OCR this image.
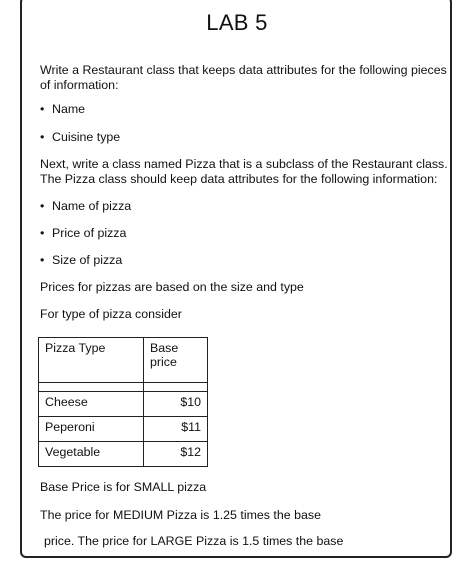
LAB 5
Write a Restaurant class that keeps data attributes for the following pieces
of information:
• Name
• Cuisine type
Next, write a class named Pizza that is a subclass of the Restaurant class.
The Pizza class should keep data attributes for the following information:
• Name of pizza
• Price of pizza
• Size of pizza
Prices for pizzas are based on the size and type
For type of pizza consider
Pizza Type	Base
price

Cheese	$10
Peperoni	$11
Vegetable	$12
Base Price is for SMALL pizza
The price for MEDIUM Pizza is 1.25 times the base
price. The price for LARGE Pizza is 1.5 times the base
